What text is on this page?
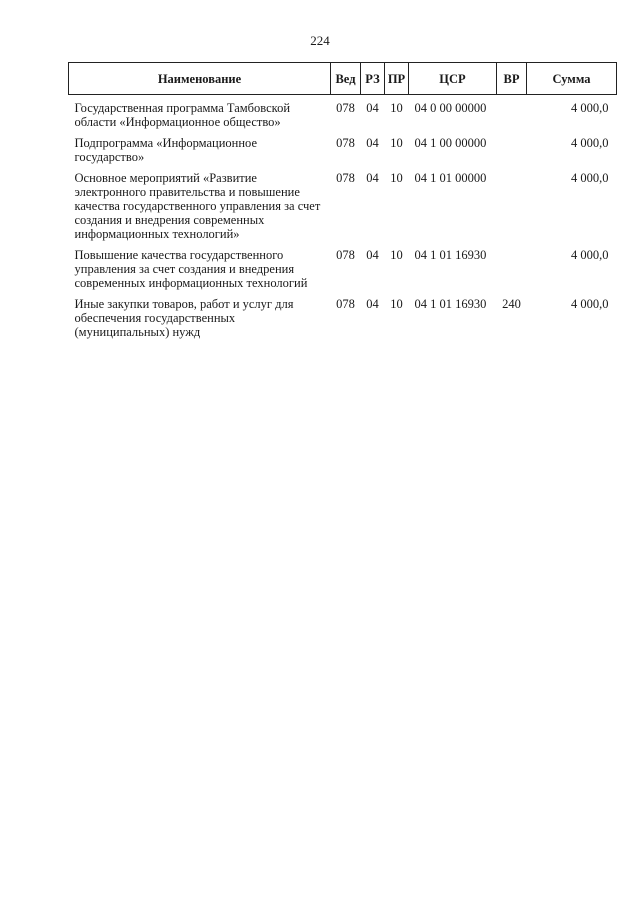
224
Наименование	Вед	РЗ	ПР	ЦСР	ВР	Сумма
Государственная программа Тамбовской области «Информационное общество»	078	04	10	04 0 00 00000		4 000,0
Подпрограмма «Информационное государство»	078	04	10	04 1 00 00000		4 000,0
Основное мероприятий «Развитие электронного правительства и повышение качества государственного управления за счет создания и внедрения современных информационных технологий»	078	04	10	04 1 01 00000		4 000,0
Повышение качества государственного управления за счет создания и внедрения современных информационных технологий	078	04	10	04 1 01 16930		4 000,0
Иные закупки товаров, работ и услуг для обеспечения государственных (муниципальных) нужд	078	04	10	04 1 01 16930	240	4 000,0
